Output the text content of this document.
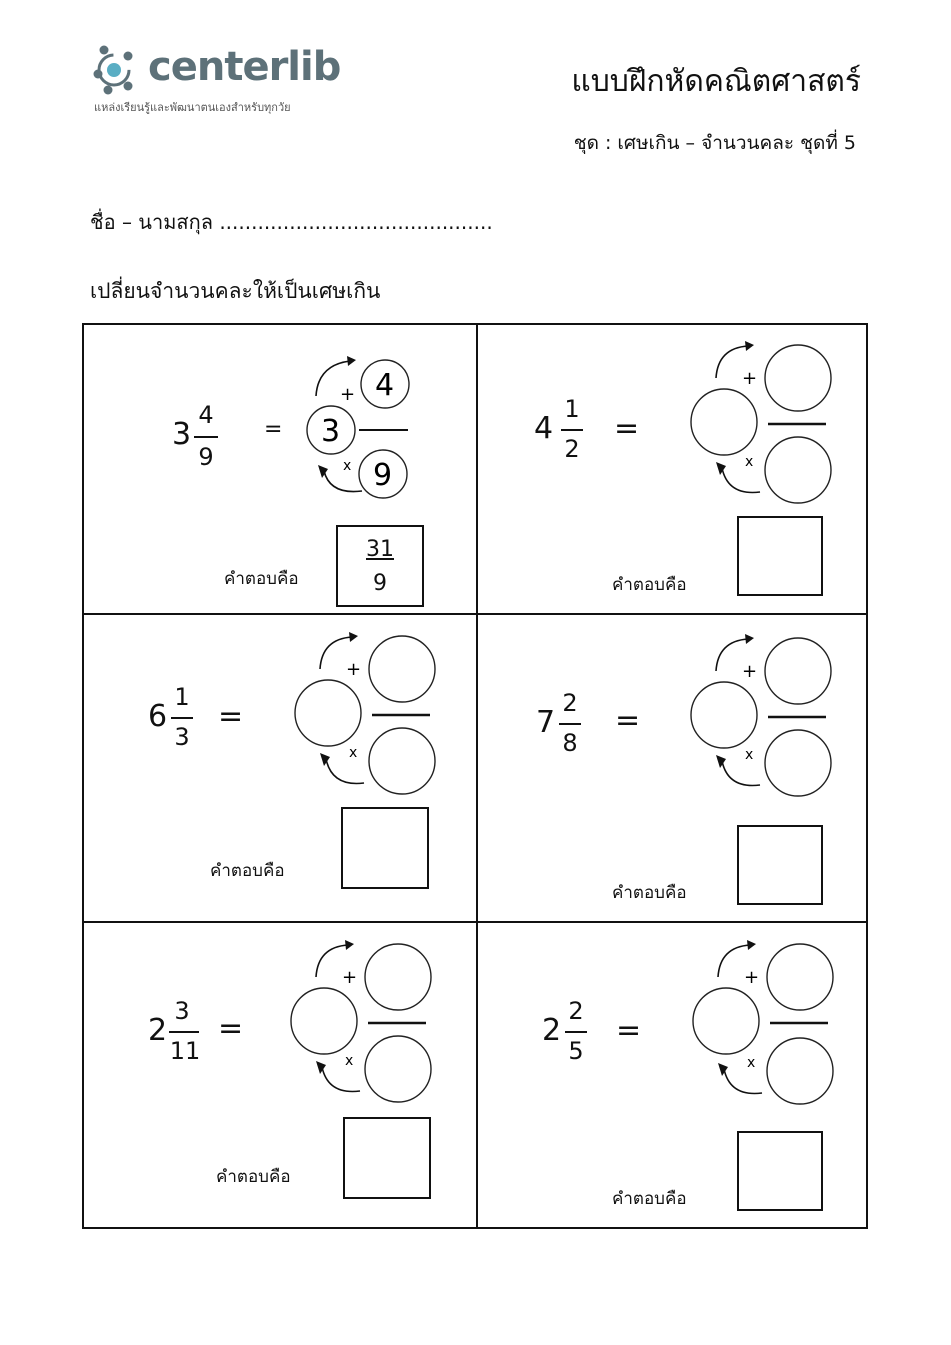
centerlib
แหล่งเรียนรู้และพัฒนาตนเองสำหรับทุกวัย
แบบฝึกหัดคณิตศาสตร์
ชุด : เศษเกิน – จำนวนคละ ชุดที่ 5
ชื่อ – นามสกุล ...........................................
เปลี่ยนจำนวนคละให้เป็นเศษเกิน
3
4
9
=
+
x
4
3
9
คำตอบคือ $\frac{31}{9}$
4
1
2
=
+
x
คำตอบคือ
6
1
3
=
+
x
คำตอบคือ
7
2
8
=
+
x
คำตอบคือ
2
3
11
=
+
x
คำตอบคือ
2
2
5
=
+
x
คำตอบคือ
